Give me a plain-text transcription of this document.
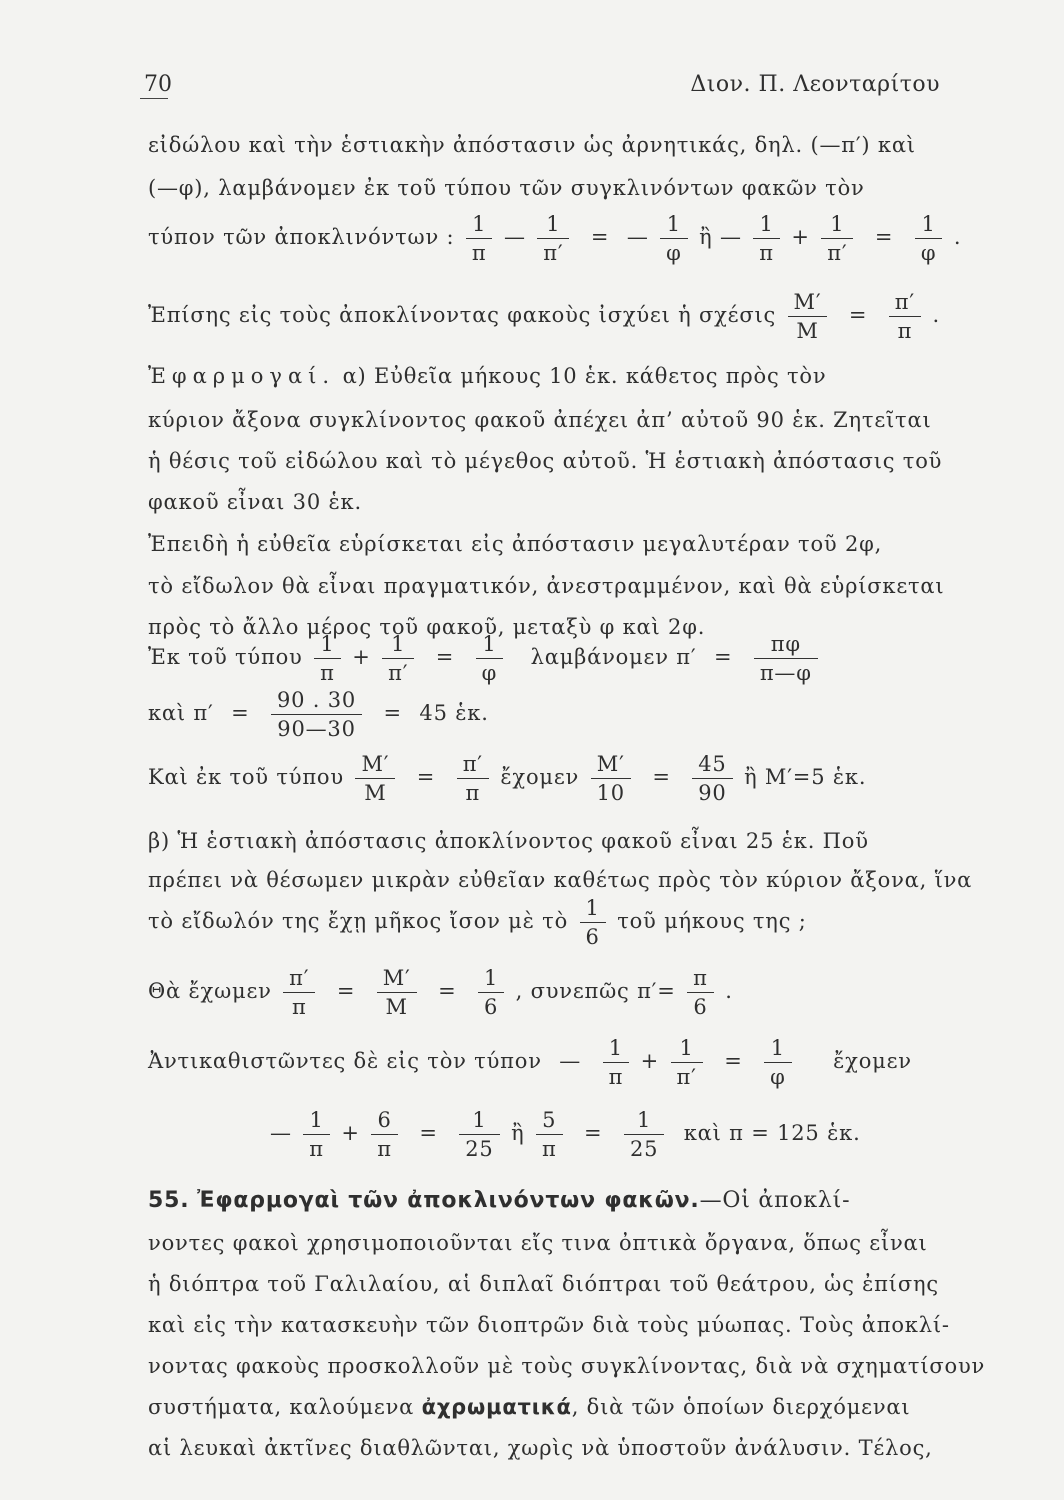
70	Διον. Π. Λεονταρίτου
εἰδώλου καὶ τὴν ἑστιακὴν ἀπόστασιν ὡς ἀρνητικάς, δηλ. (—π′) καὶ
(—φ), λαμβάνομεν ἐκ τοῦ τύπου τῶν συγκλινόντων φακῶν τὸν
τύπον τῶν ἀποκλινόντων : $\frac{1}{\pi}$ — $\frac{1}{\pi'}$ = — $\frac{1}{\varphi}$ ἢ — $\frac{1}{\pi} + \frac{1}{\pi'} = \frac{1}{\varphi}$ .
Ἐπίσης εἰς τοὺς ἀποκλίνοντας φακοὺς ἰσχύει ἡ σχέσις $\frac{M'}{M} = \frac{\pi'}{\pi}$ .
Ἐφαρμογαί. α) Εὐθεῖα μήκους 10 ἑκ. κάθετος πρὸς τὸν
κύριον ἄξονα συγκλίνοντος φακοῦ ἀπέχει ἀπ’ αὐτοῦ 90 ἑκ. Ζητεῖται
ἡ θέσις τοῦ εἰδώλου καὶ τὸ μέγεθος αὐτοῦ. Ἡ ἑστιακὴ ἀπόστασις τοῦ
φακοῦ εἶναι 30 ἑκ.
Ἐπειδὴ ἡ εὐθεῖα εὑρίσκεται εἰς ἀπόστασιν μεγαλυτέραν τοῦ 2φ,
τὸ εἴδωλον θὰ εἶναι πραγματικόν, ἀνεστραμμένον, καὶ θὰ εὑρίσκεται
πρὸς τὸ ἄλλο μέρος τοῦ φακοῦ, μεταξὺ φ καὶ 2φ.
Ἐκ τοῦ τύπου $\frac{1}{\pi} + \frac{1}{\pi'} = \frac{1}{\varphi}$ λαμβάνομεν $\pi' = \frac{\pi\varphi}{\pi—\varphi}$
καὶ $\pi' = \frac{90 . 30}{90—30} = 45$ ἑκ.
Καὶ ἐκ τοῦ τύπου $\frac{M'}{M} = \frac{\pi'}{\pi}$ ἔχομεν $\frac{M'}{10} = \frac{45}{90}$ ἢ Μ′=5 ἑκ.
β) Ἡ ἑστιακὴ ἀπόστασις ἀποκλίνοντος φακοῦ εἶναι 25 ἑκ. Ποῦ
πρέπει νὰ θέσωμεν μικρὰν εὐθεῖαν καθέτως πρὸς τὸν κύριον ἄξονα, ἵνα
τὸ εἴδωλόν της ἔχῃ μῆκος ἴσον μὲ τὸ $\frac{1}{6}$ τοῦ μήκους της ;
Θὰ ἔχωμεν $\frac{\pi'}{\pi} = \frac{M'}{M} = \frac{1}{6}$ , συνεπῶς $\pi'= \frac{\pi}{6}$ .
Ἀντικαθιστῶντες δὲ εἰς τὸν τύπον — $\frac{1}{\pi} + \frac{1}{\pi'} = \frac{1}{\varphi}$ ἔχομεν
— $\frac{1}{\pi} + \frac{6}{\pi} = \frac{1}{25}$ ἢ $\frac{5}{\pi} = \frac{1}{25}$ καὶ π = 125 ἑκ.
55. Ἐφαρμογαὶ τῶν ἀποκλινόντων φακῶν.—Οἱ ἀποκλί-
νοντες φακοὶ χρησιμοποιοῦνται εἴς τινα ὀπτικὰ ὄργανα, ὅπως εἶναι
ἡ διόπτρα τοῦ Γαλιλαίου, αἱ διπλαῖ διόπτραι τοῦ θεάτρου, ὡς ἐπίσης
καὶ εἰς τὴν κατασκευὴν τῶν διοπτρῶν διὰ τοὺς μύωπας. Τοὺς ἀποκλί-
νοντας φακοὺς προσκολλοῦν μὲ τοὺς συγκλίνοντας, διὰ νὰ σχηματίσουν
συστήματα, καλούμενα ἀχρωματικά, διὰ τῶν ὁποίων διερχόμεναι
αἱ λευκαὶ ἀκτῖνες διαθλῶνται, χωρὶς νὰ ὑποστοῦν ἀνάλυσιν. Τέλος,
